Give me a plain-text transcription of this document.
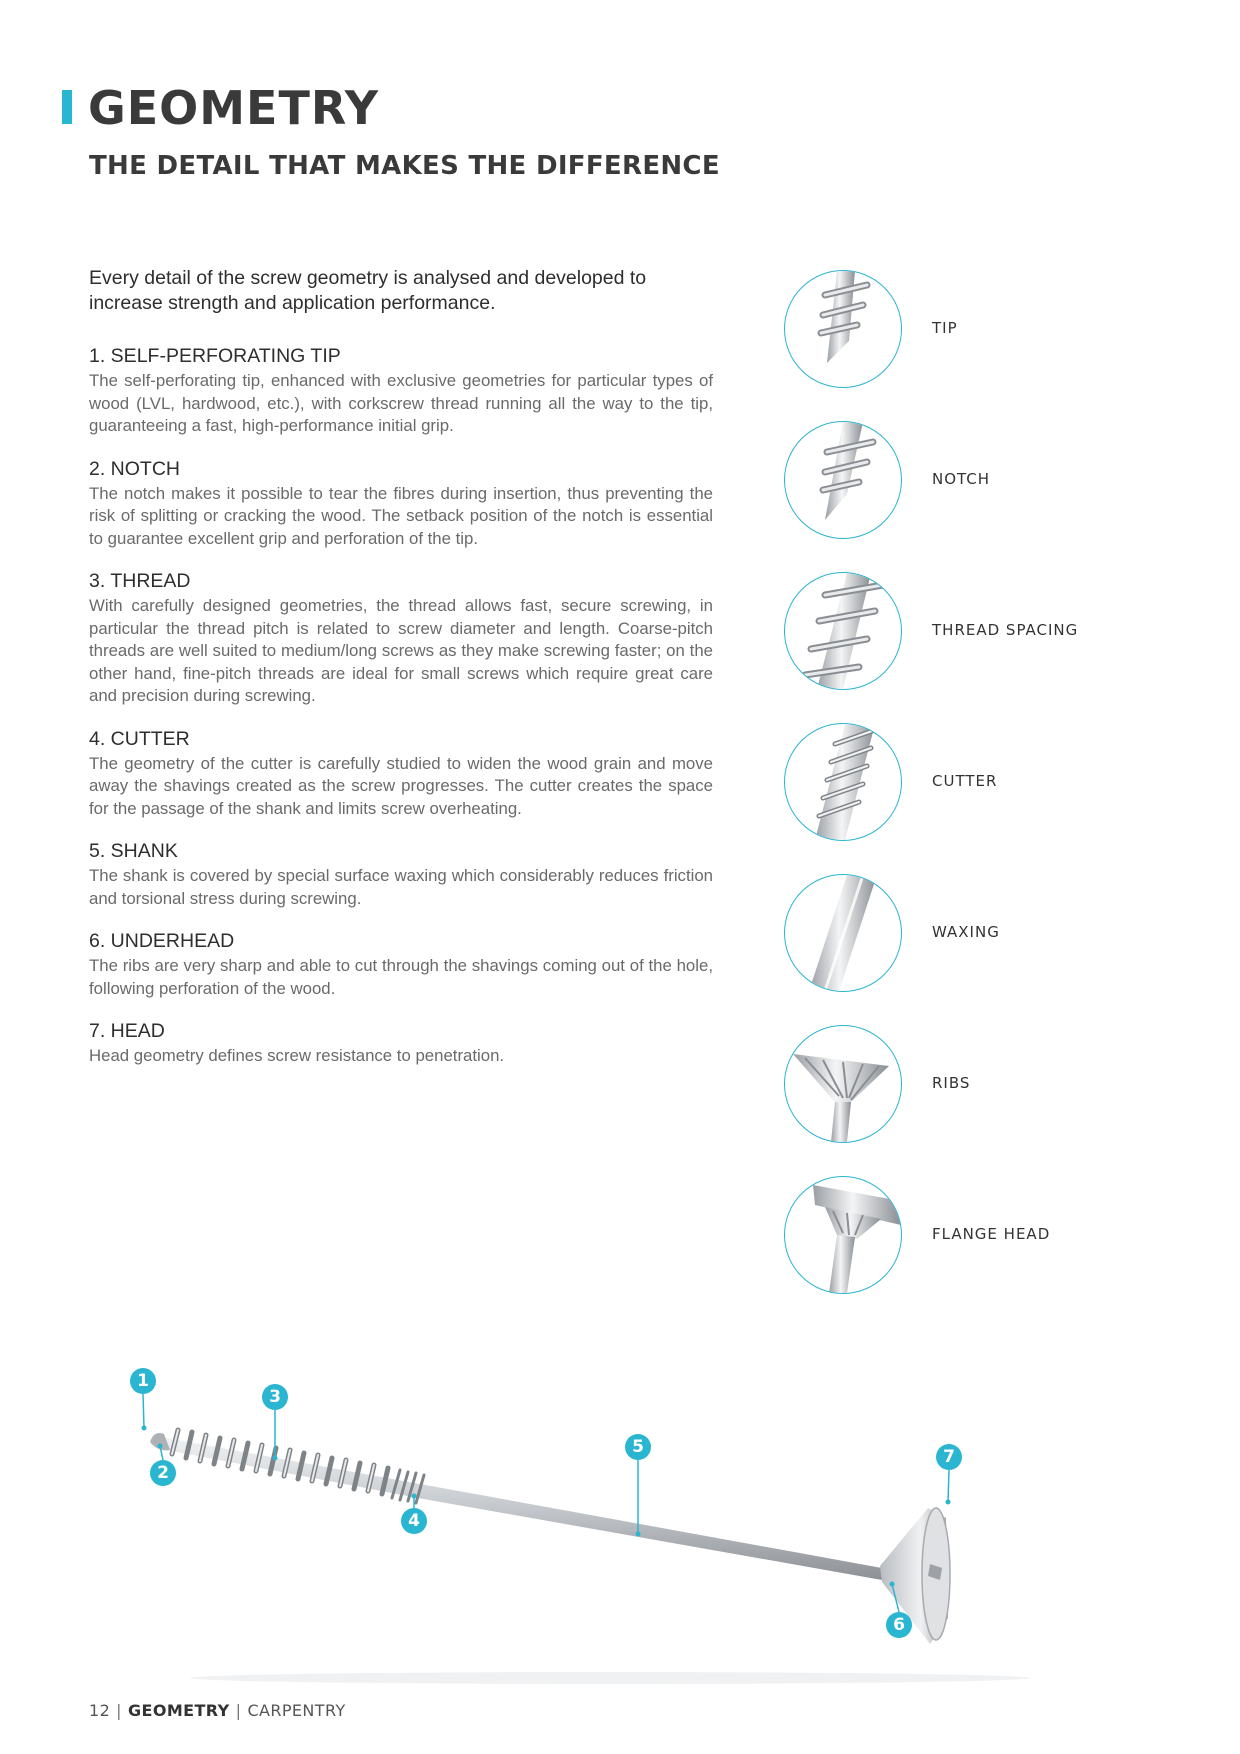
GEOMETRY
THE DETAIL THAT MAKES THE DIFFERENCE

Every detail of the screw geometry is analysed and developed to increase strength and application performance.

1. SELF-PERFORATING TIP

The self-perforating tip, enhanced with exclusive geometries for particular types of wood (LVL, hardwood, etc.), with corkscrew thread running all the way to the tip, guaranteeing a fast, high-performance initial grip.

2. NOTCH

The notch makes it possible to tear the fibres during insertion, thus preventing the risk of splitting or cracking the wood. The setback position of the notch is essential to guarantee excellent grip and perforation of the tip.

3. THREAD

With carefully designed geometries, the thread allows fast, secure screwing, in particular the thread pitch is related to screw diameter and length. Coarse-pitch threads are well suited to medium/long screws as they make screwing faster; on the other hand, fine-pitch threads are ideal for small screws which require great care and precision during screwing.

4. CUTTER

The geometry of the cutter is carefully studied to widen the wood grain and move away the shavings created as the screw progresses. The cutter creates the space for the passage of the shank and limits screw overheating.

5. SHANK

The shank is covered by special surface waxing which considerably reduces friction and torsional stress during screwing.

6. UNDERHEAD

The ribs are very sharp and able to cut through the shavings coming out of the hole, following perforation of the wood.

7. HEAD

Head geometry defines screw resistance to penetration.

TIP
NOTCH
THREAD SPACING
CUTTER
WAXING
RIBS
FLANGE HEAD
1
2
3
4
5
6
7
12 | GEOMETRY | CARPENTRY
